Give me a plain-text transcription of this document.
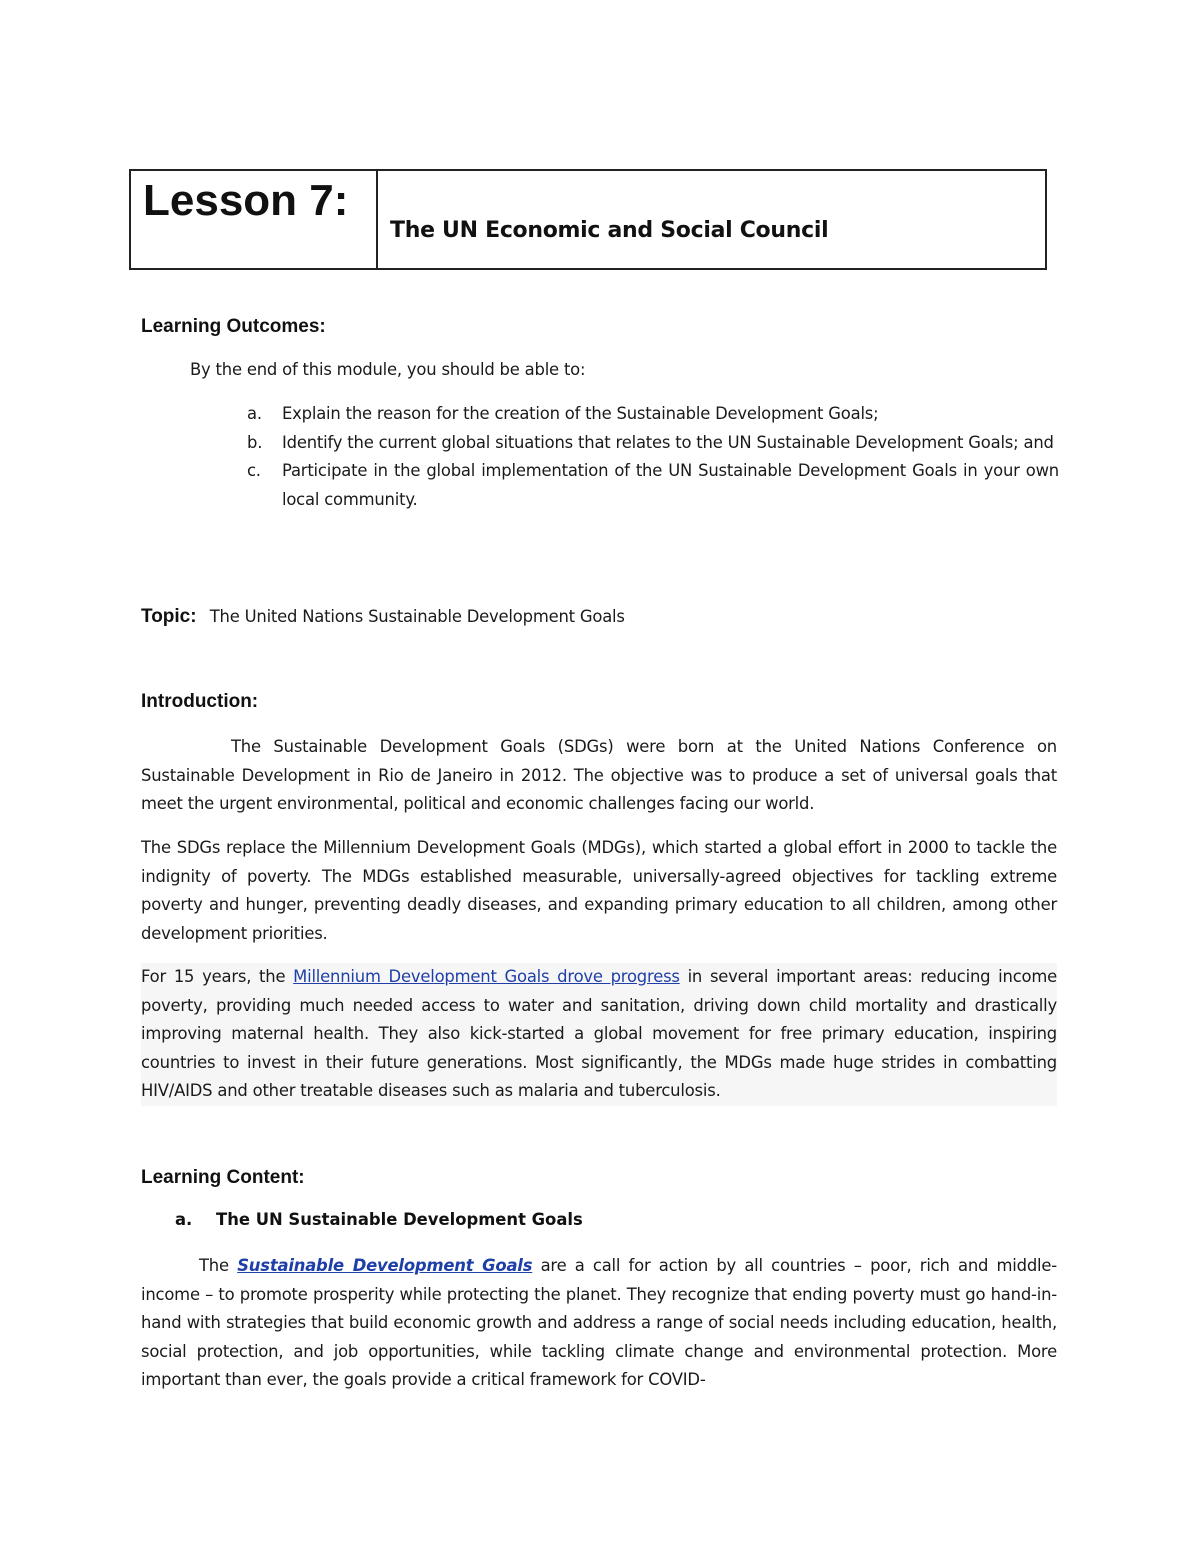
Lesson 7:
The UN Economic and Social Council
Learning Outcomes:
By the end of this module, you should be able to:
a. Explain the reason for the creation of the Sustainable Development Goals;
b. Identify the current global situations that relates to the UN Sustainable Development Goals; and
c. Participate in the global implementation of the UN Sustainable Development Goals in your own local community.
Topic: The United Nations Sustainable Development Goals
Introduction:
The Sustainable Development Goals (SDGs) were born at the United Nations Conference on Sustainable Development in Rio de Janeiro in 2012. The objective was to produce a set of universal goals that meet the urgent environmental, political and economic challenges facing our world.
The SDGs replace the Millennium Development Goals (MDGs), which started a global effort in 2000 to tackle the indignity of poverty. The MDGs established measurable, universally-agreed objectives for tackling extreme poverty and hunger, preventing deadly diseases, and expanding primary education to all children, among other development priorities.
For 15 years, the Millennium Development Goals drove progress in several important areas: reducing income poverty, providing much needed access to water and sanitation, driving down child mortality and drastically improving maternal health. They also kick-started a global movement for free primary education, inspiring countries to invest in their future generations. Most significantly, the MDGs made huge strides in combatting HIV/AIDS and other treatable diseases such as malaria and tuberculosis.
Learning Content:
a. The UN Sustainable Development Goals
The Sustainable Development Goals are a call for action by all countries – poor, rich and middle-income – to promote prosperity while protecting the planet. They recognize that ending poverty must go hand-in-hand with strategies that build economic growth and address a range of social needs including education, health, social protection, and job opportunities, while tackling climate change and environmental protection. More important than ever, the goals provide a critical framework for COVID-
